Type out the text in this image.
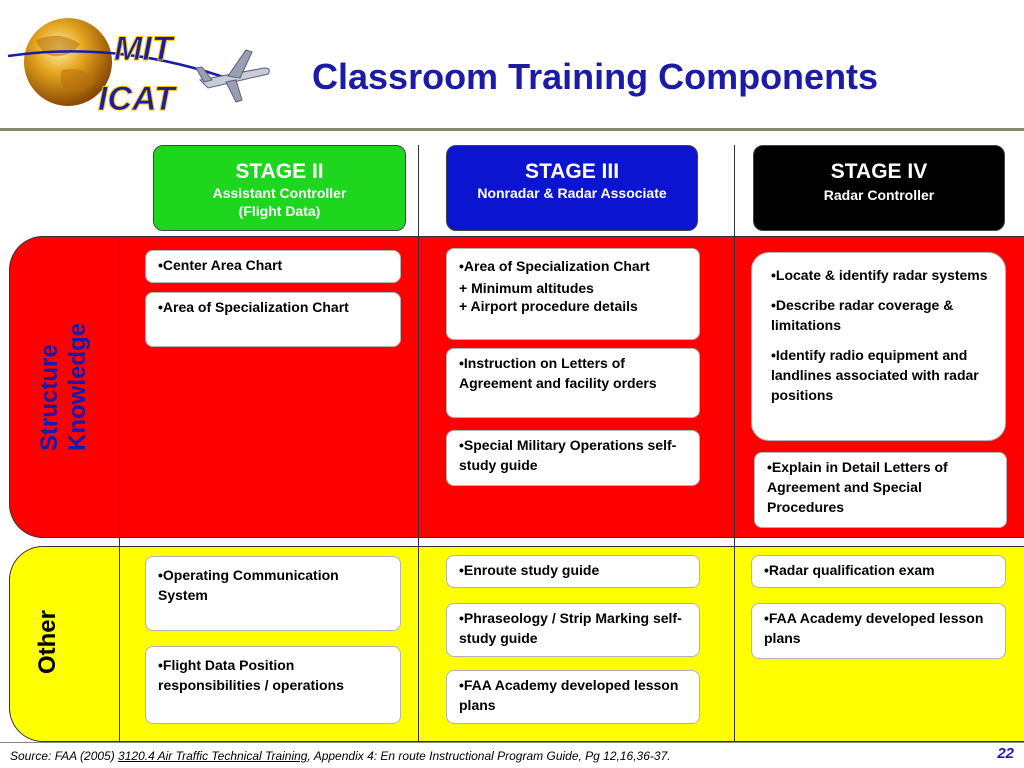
MIT
ICAT
Classroom Training Components
STAGE II
Assistant Controller
(Flight Data)
STAGE III
Nonradar & Radar Associate
STAGE IV
Radar Controller
Structure
Knowledge
Other

•Center Area Chart

•Area of Specialization Chart

•Area of Specialization Chart

+ Minimum altitudes

+ Airport procedure details

•Instruction on Letters of Agreement and facility orders

•Special Military Operations self-study guide

•Locate & identify radar systems

•Describe radar coverage & limitations

•Identify radio equipment and landlines associated with radar positions

•Explain in Detail Letters of Agreement and Special Procedures

•Operating Communication System

•Flight Data Position responsibilities / operations

•Enroute study guide

•Phraseology / Strip Marking self-study guide

•FAA Academy developed lesson plans

•Radar qualification exam

•FAA Academy developed lesson plans

Source: FAA (2005) 3120.4 Air Traffic Technical Training, Appendix 4: En route Instructional Program Guide, Pg 12,16,36-37.	22
